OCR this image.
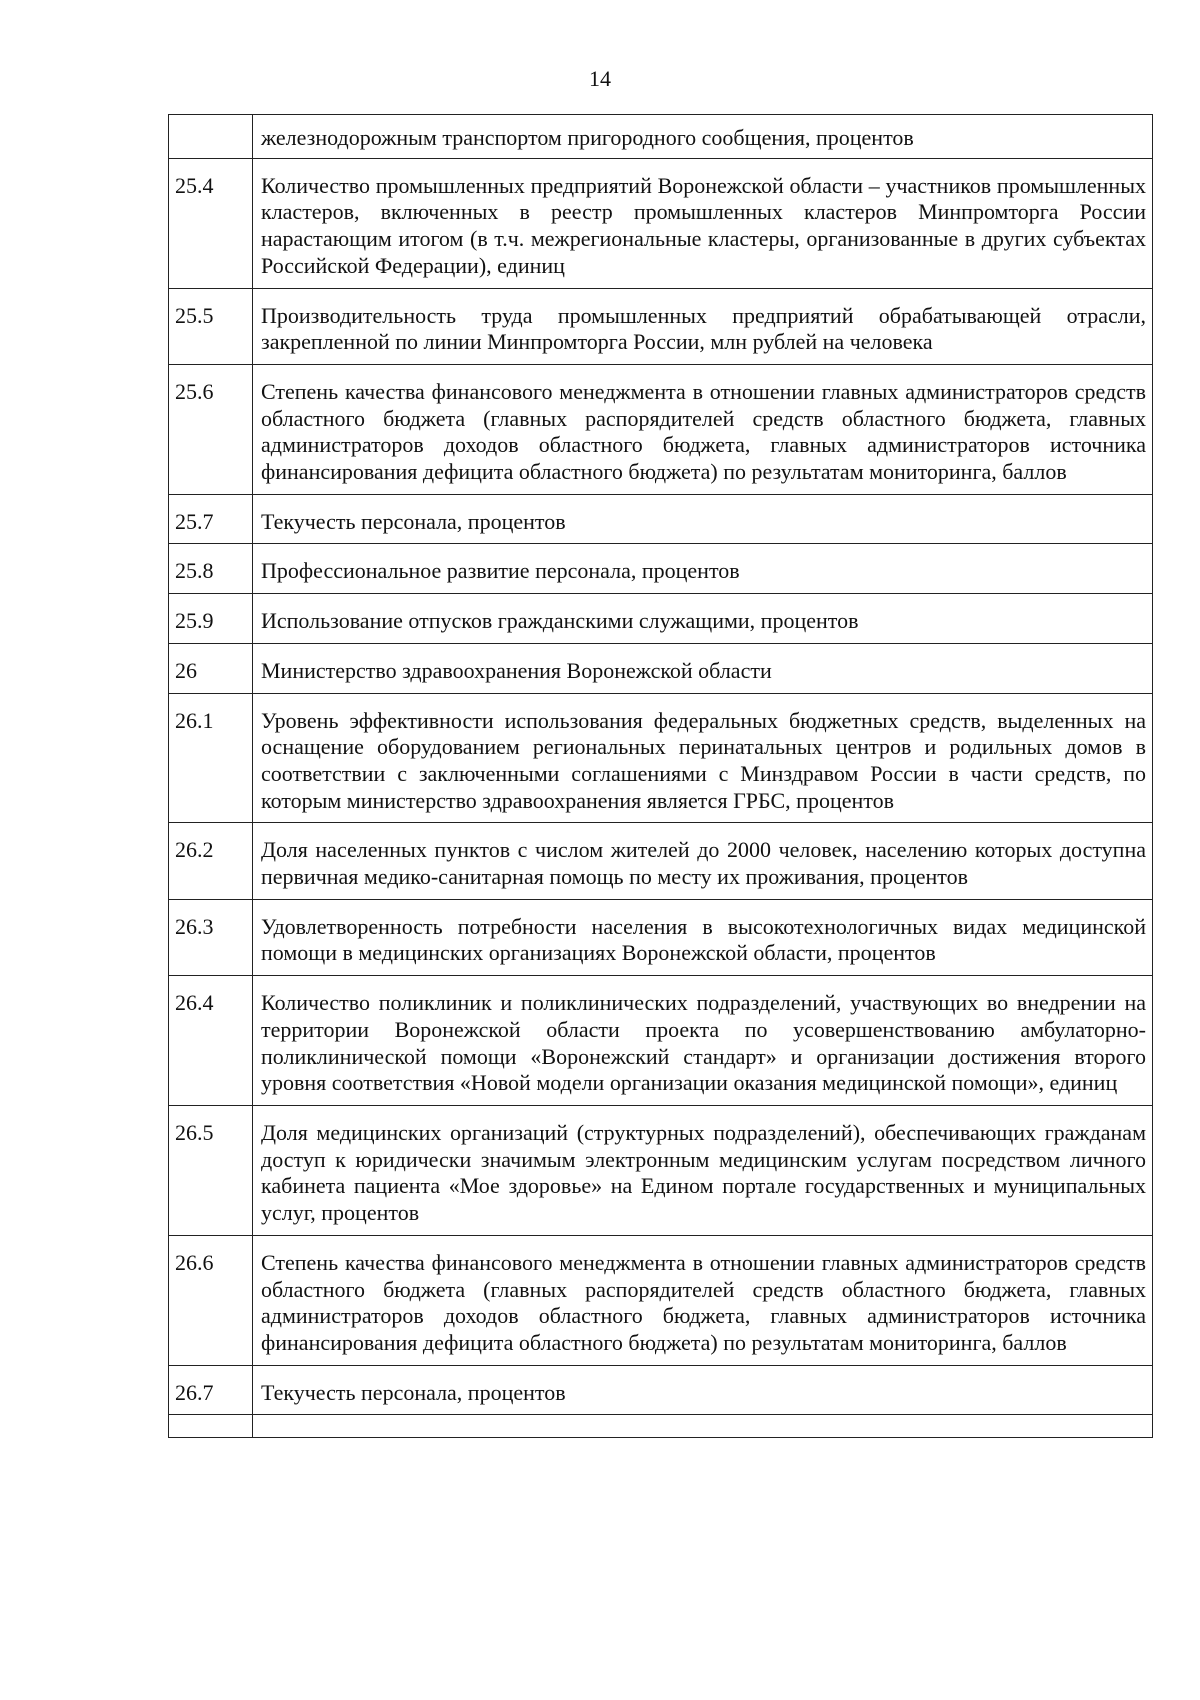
14
	железнодорожным транспортом пригородного сообщения, процентов
25.4	Количество промышленных предприятий Воронежской области – участников промышленных кластеров, включенных в реестр промышленных кластеров Минпромторга России нарастающим итогом (в т.ч. межрегиональные кластеры, организованные в других субъектах Российской Федерации), единиц
25.5	Производительность труда промышленных предприятий обрабатывающей отрасли, закрепленной по линии Минпромторга России, млн рублей на человека
25.6	Степень качества финансового менеджмента в отношении главных администраторов средств областного бюджета (главных распорядителей средств областного бюджета, главных администраторов доходов областного бюджета, главных администраторов источника финансирования дефицита областного бюджета) по результатам мониторинга, баллов
25.7	Текучесть персонала, процентов
25.8	Профессиональное развитие персонала, процентов
25.9	Использование отпусков гражданскими служащими, процентов
26	Министерство здравоохранения Воронежской области
26.1	Уровень эффективности использования федеральных бюджетных средств, выделенных на оснащение оборудованием региональных перинатальных центров и родильных домов в соответствии с заключенными соглашениями с Минздравом России в части средств, по которым министерство здравоохранения является ГРБС, процентов
26.2	Доля населенных пунктов с числом жителей до 2000 человек, населению которых доступна первичная медико-санитарная помощь по месту их проживания, процентов
26.3	Удовлетворенность потребности населения в высокотехнологичных видах медицинской помощи в медицинских организациях Воронежской области, процентов
26.4	Количество поликлиник и поликлинических подразделений, участвующих во внедрении на территории Воронежской области проекта по усовершенствованию амбулаторно-поликлинической помощи «Воронежский стандарт» и организации достижения второго уровня соответствия «Новой модели организации оказания медицинской помощи», единиц
26.5	Доля медицинских организаций (структурных подразделений), обеспечивающих гражданам доступ к юридически значимым электронным медицинским услугам посредством личного кабинета пациента «Мое здоровье» на Едином портале государственных и муниципальных услуг, процентов
26.6	Степень качества финансового менеджмента в отношении главных администраторов средств областного бюджета (главных распорядителей средств областного бюджета, главных администраторов доходов областного бюджета, главных администраторов источника финансирования дефицита областного бюджета) по результатам мониторинга, баллов
26.7	Текучесть персонала, процентов
